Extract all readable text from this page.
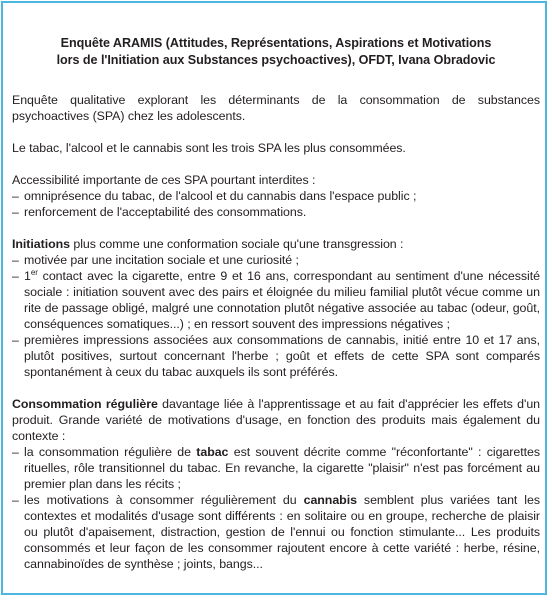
Enquête ARAMIS (Attitudes, Représentations, Aspirations et Motivations
lors de l'Initiation aux Substances psychoactives), OFDT, Ivana Obradovic

Enquête qualitative explorant les déterminants de la consommation de substances psychoactives (SPA) chez les adolescents.

Le tabac, l'alcool et le cannabis sont les trois SPA les plus consommées.

Accessibilité importante de ces SPA pourtant interdites :

– omniprésence du tabac, de l'alcool et du cannabis dans l'espace public ;

– renforcement de l'acceptabilité des consommations.

Initiations plus comme une conformation sociale qu'une transgression :

– motivée par une incitation sociale et une curiosité ;

– 1er contact avec la cigarette, entre 9 et 16 ans, correspondant au sentiment d'une nécessité sociale : initiation souvent avec des pairs et éloignée du milieu familial plutôt vécue comme un rite de passage obligé, malgré une connotation plutôt négative associée au tabac (odeur, goût, conséquences somatiques...) ; en ressort souvent des impressions négatives ;

– premières impressions associées aux consommations de cannabis, initié entre 10 et 17 ans, plutôt positives, surtout concernant l'herbe ; goût et effets de cette SPA sont comparés spontanément à ceux du tabac auxquels ils sont préférés.

Consommation régulière davantage liée à l'apprentissage et au fait d'apprécier les effets d'un produit. Grande variété de motivations d'usage, en fonction des produits mais également du contexte :

– la consommation régulière de tabac est souvent décrite comme "réconfortante" : cigarettes rituelles, rôle transitionnel du tabac. En revanche, la cigarette "plaisir" n'est pas forcément au premier plan dans les récits ;

– les motivations à consommer régulièrement du cannabis semblent plus variées tant les contextes et modalités d'usage sont différents : en solitaire ou en groupe, recherche de plaisir ou plutôt d'apaisement, distraction, gestion de l'ennui ou fonction stimulante... Les produits consommés et leur façon de les consommer rajoutent encore à cette variété : herbe, résine, cannabinoïdes de synthèse ; joints, bangs...
